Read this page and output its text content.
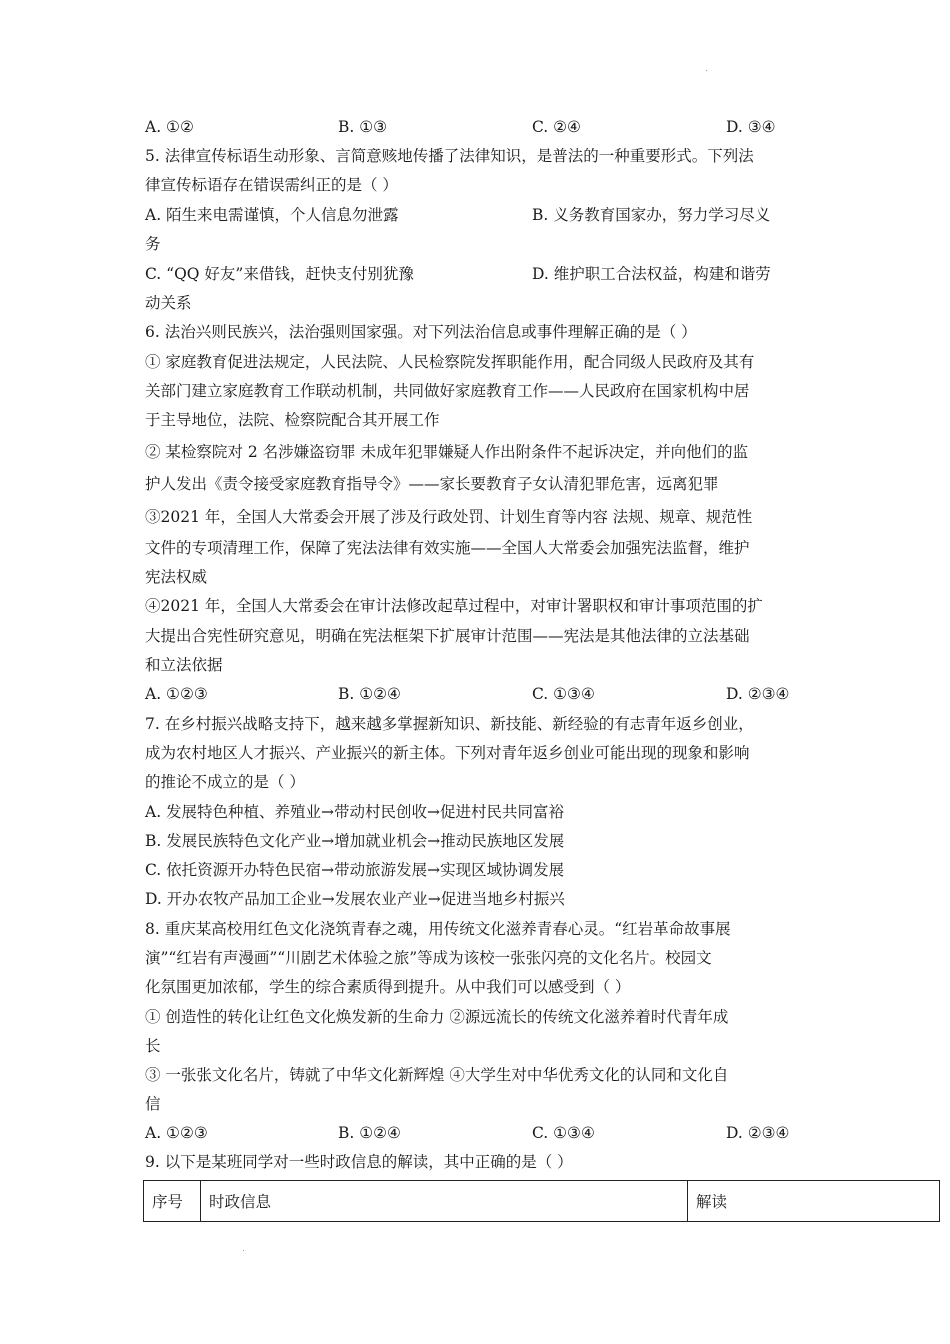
A. ①②	B. ①③	C. ②④	D. ③④
5. 法律宣传标语生动形象、言简意赅地传播了法律知识，是普法的一种重要形式。下列法
律宣传标语存在错误需纠正的是（ ）
A. 陌生来电需谨慎，个人信息勿泄露	B. 义务教育国家办，努力学习尽义
务
C. “QQ 好友”来借钱，赶快支付别犹豫	D. 维护职工合法权益，构建和谐劳
动关系
6. 法治兴则民族兴，法治强则国家强。对下列法治信息或事件理解正确的是（ ）
① 家庭教育促进法规定，人民法院、人民检察院发挥职能作用，配合同级人民政府及其有
关部门建立家庭教育工作联动机制，共同做好家庭教育工作——人民政府在国家机构中居
于主导地位，法院、检察院配合其开展工作
② 某检察院对 2 名涉嫌盗窃罪 未成年犯罪嫌疑人作出附条件不起诉决定，并向他们的监
护人发出《责令接受家庭教育指导令》——家长要教育子女认清犯罪危害，远离犯罪
③2021 年，全国人大常委会开展了涉及行政处罚、计划生育等内容 法规、规章、规范性
文件的专项清理工作，保障了宪法法律有效实施——全国人大常委会加强宪法监督，维护
宪法权威
④2021 年，全国人大常委会在审计法修改起草过程中，对审计署职权和审计事项范围的扩
大提出合宪性研究意见，明确在宪法框架下扩展审计范围——宪法是其他法律的立法基础
和立法依据
A. ①②③	B. ①②④	C. ①③④	D. ②③④
7. 在乡村振兴战略支持下，越来越多掌握新知识、新技能、新经验的有志青年返乡创业，
成为农村地区人才振兴、产业振兴的新主体。下列对青年返乡创业可能出现的现象和影响
的推论不成立的是（ ）
A. 发展特色种植、养殖业→带动村民创收→促进村民共同富裕
B. 发展民族特色文化产业→增加就业机会→推动民族地区发展
C. 依托资源开办特色民宿→带动旅游发展→实现区域协调发展
D. 开办农牧产品加工企业→发展农业产业→促进当地乡村振兴
8. 重庆某高校用红色文化浇筑青春之魂，用传统文化滋养青春心灵。“红岩革命故事展
演”“红岩有声漫画”“川剧艺术体验之旅”等成为该校一张张闪亮的文化名片。校园文
化氛围更加浓郁，学生的综合素质得到提升。从中我们可以感受到（ ）
① 创造性的转化让红色文化焕发新的生命力 ②源远流长的传统文化滋养着时代青年成
长
③ 一张张文化名片，铸就了中华文化新辉煌 ④大学生对中华优秀文化的认同和文化自
信
A. ①②③	B. ①②④	C. ①③④	D. ②③④
9. 以下是某班同学对一些时政信息的解读，其中正确的是（ ）
序号	时政信息	解读
